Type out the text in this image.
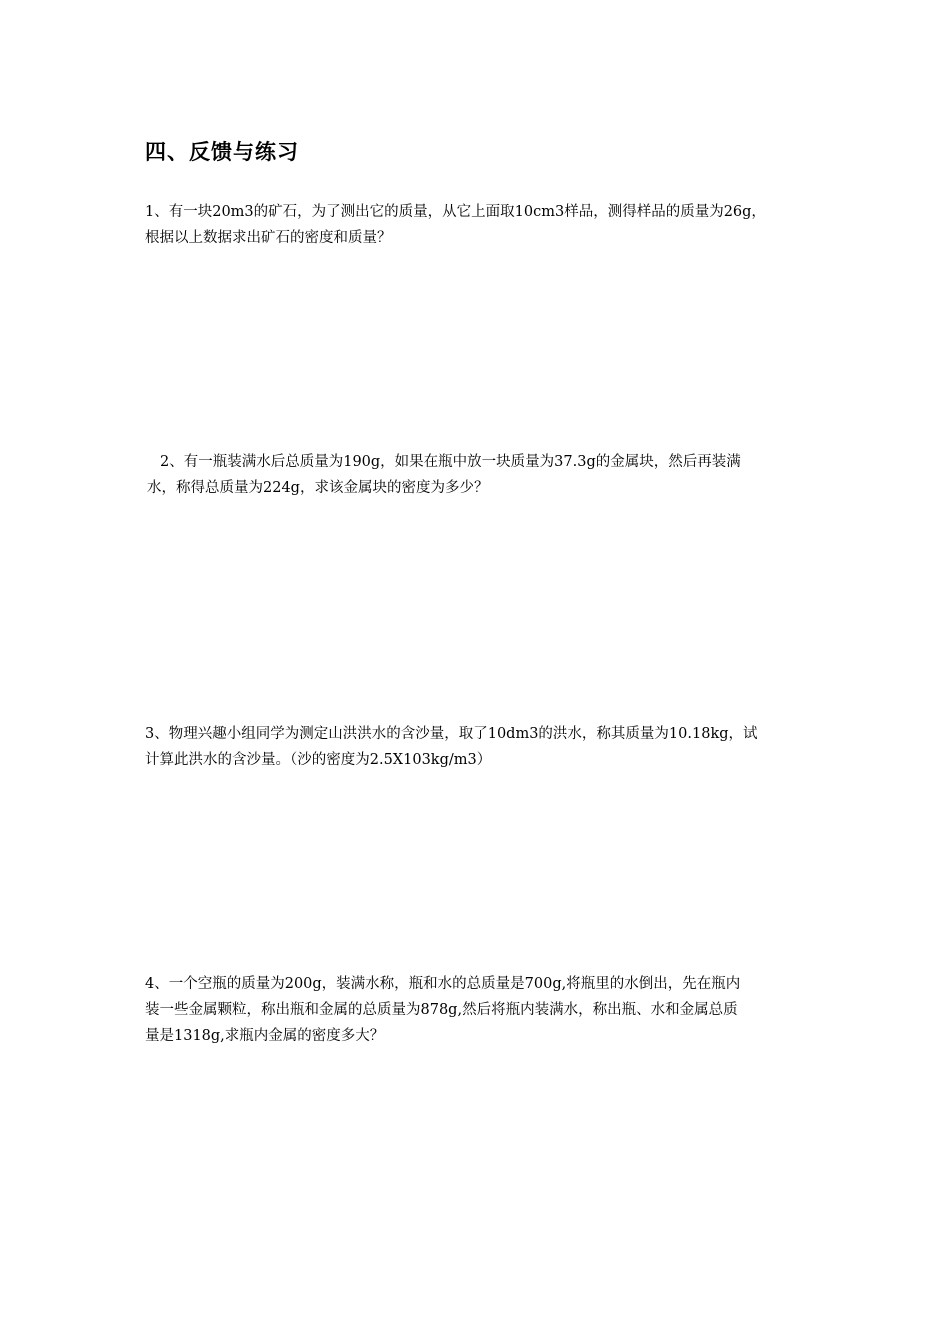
四、反馈与练习
1、有一块20m3的矿石，为了测出它的质量，从它上面取10cm3样品，测得样品的质量为26g，
根据以上数据求出矿石的密度和质量？
2、有一瓶装满水后总质量为190g，如果在瓶中放一块质量为37.3g的金属块，然后再装满
水，称得总质量为224g，求该金属块的密度为多少？
3、物理兴趣小组同学为测定山洪洪水的含沙量，取了10dm3的洪水，称其质量为10.18kg，试
计算此洪水的含沙量。（沙的密度为2.5X103kg/m3）
4、一个空瓶的质量为200g，装满水称，瓶和水的总质量是700g,将瓶里的水倒出，先在瓶内
装一些金属颗粒，称出瓶和金属的总质量为878g,然后将瓶内装满水，称出瓶、水和金属总质
量是1318g,求瓶内金属的密度多大？
